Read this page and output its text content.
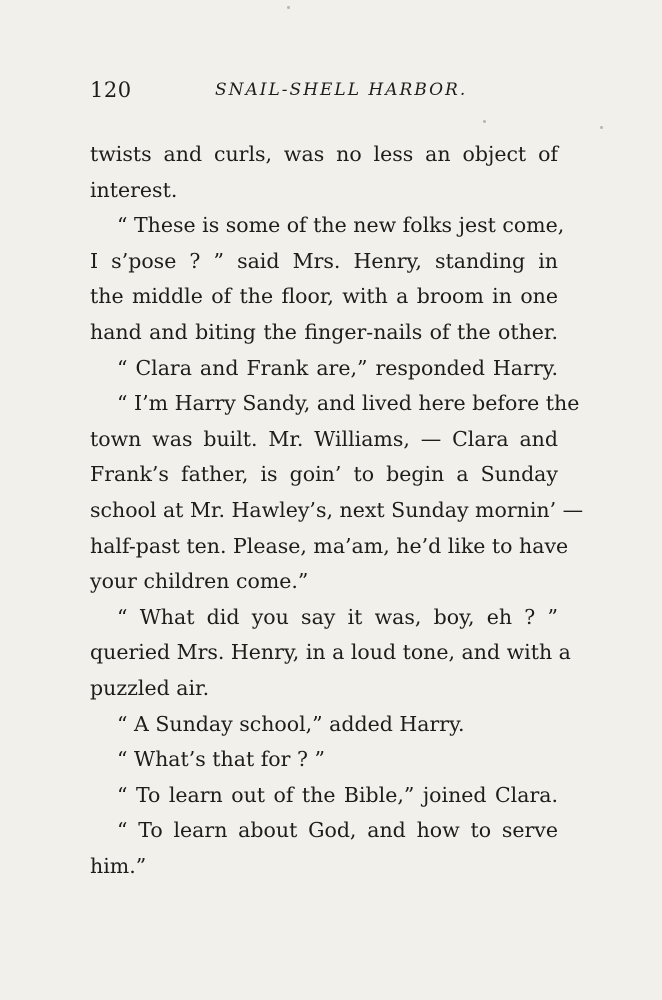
120	SNAIL-SHELL HARBOR.
twists and curls, was no less an object of
interest.
“ These is some of the new folks jest come,
I s’pose ? ” said Mrs. Henry, standing in
the middle of the floor, with a broom in one
hand and biting the finger-nails of the other.
“ Clara and Frank are,” responded Harry.
“ I’m Harry Sandy, and lived here before the
town was built. Mr. Williams, — Clara and
Frank’s father, is goin’ to begin a Sunday
school at Mr. Hawley’s, next Sunday mornin’ —
half-past ten. Please, ma’am, he’d like to have
your children come.”
“ What did you say it was, boy, eh ? ”
queried Mrs. Henry, in a loud tone, and with a
puzzled air.
“ A Sunday school,” added Harry.
“ What’s that for ? ”
“ To learn out of the Bible,” joined Clara.
“ To learn about God, and how to serve
him.”
